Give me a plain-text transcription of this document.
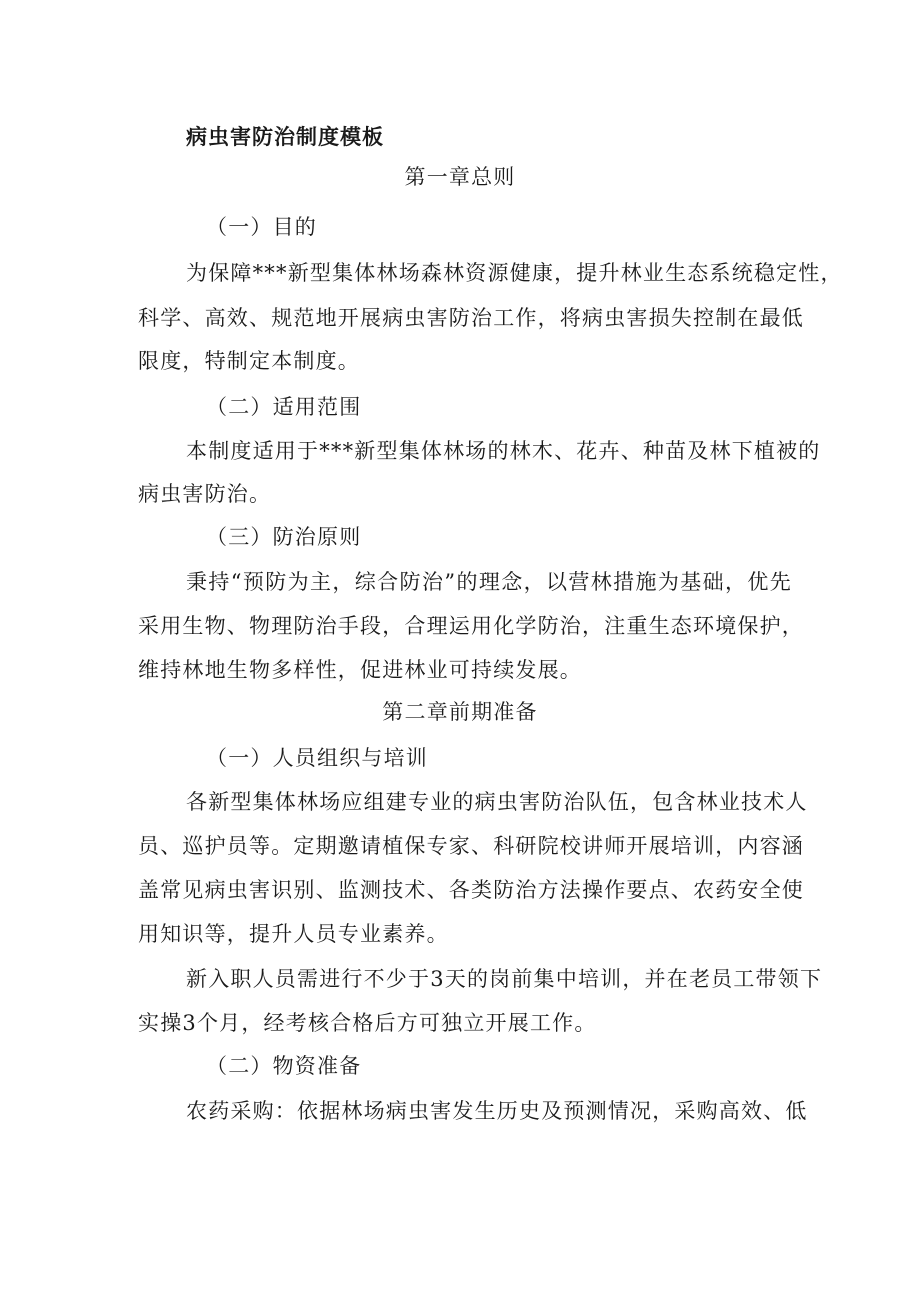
病虫害防治制度模板
第一章总则
（一）目的
为保障***新型集体林场森林资源健康，提升林业生态系统稳定性，
科学、高效、规范地开展病虫害防治工作，将病虫害损失控制在最低
限度，特制定本制度。
（二）适用范围
本制度适用于***新型集体林场的林木、花卉、种苗及林下植被的
病虫害防治。
（三）防治原则
秉持“预防为主，综合防治”的理念，以营林措施为基础，优先
采用生物、物理防治手段，合理运用化学防治，注重生态环境保护，
维持林地生物多样性，促进林业可持续发展。
第二章前期准备
（一）人员组织与培训
各新型集体林场应组建专业的病虫害防治队伍，包含林业技术人
员、巡护员等。定期邀请植保专家、科研院校讲师开展培训，内容涵
盖常见病虫害识别、监测技术、各类防治方法操作要点、农药安全使
用知识等，提升人员专业素养。
新入职人员需进行不少于3天的岗前集中培训，并在老员工带领下
实操3个月，经考核合格后方可独立开展工作。
（二）物资准备
农药采购：依据林场病虫害发生历史及预测情况，采购高效、低
